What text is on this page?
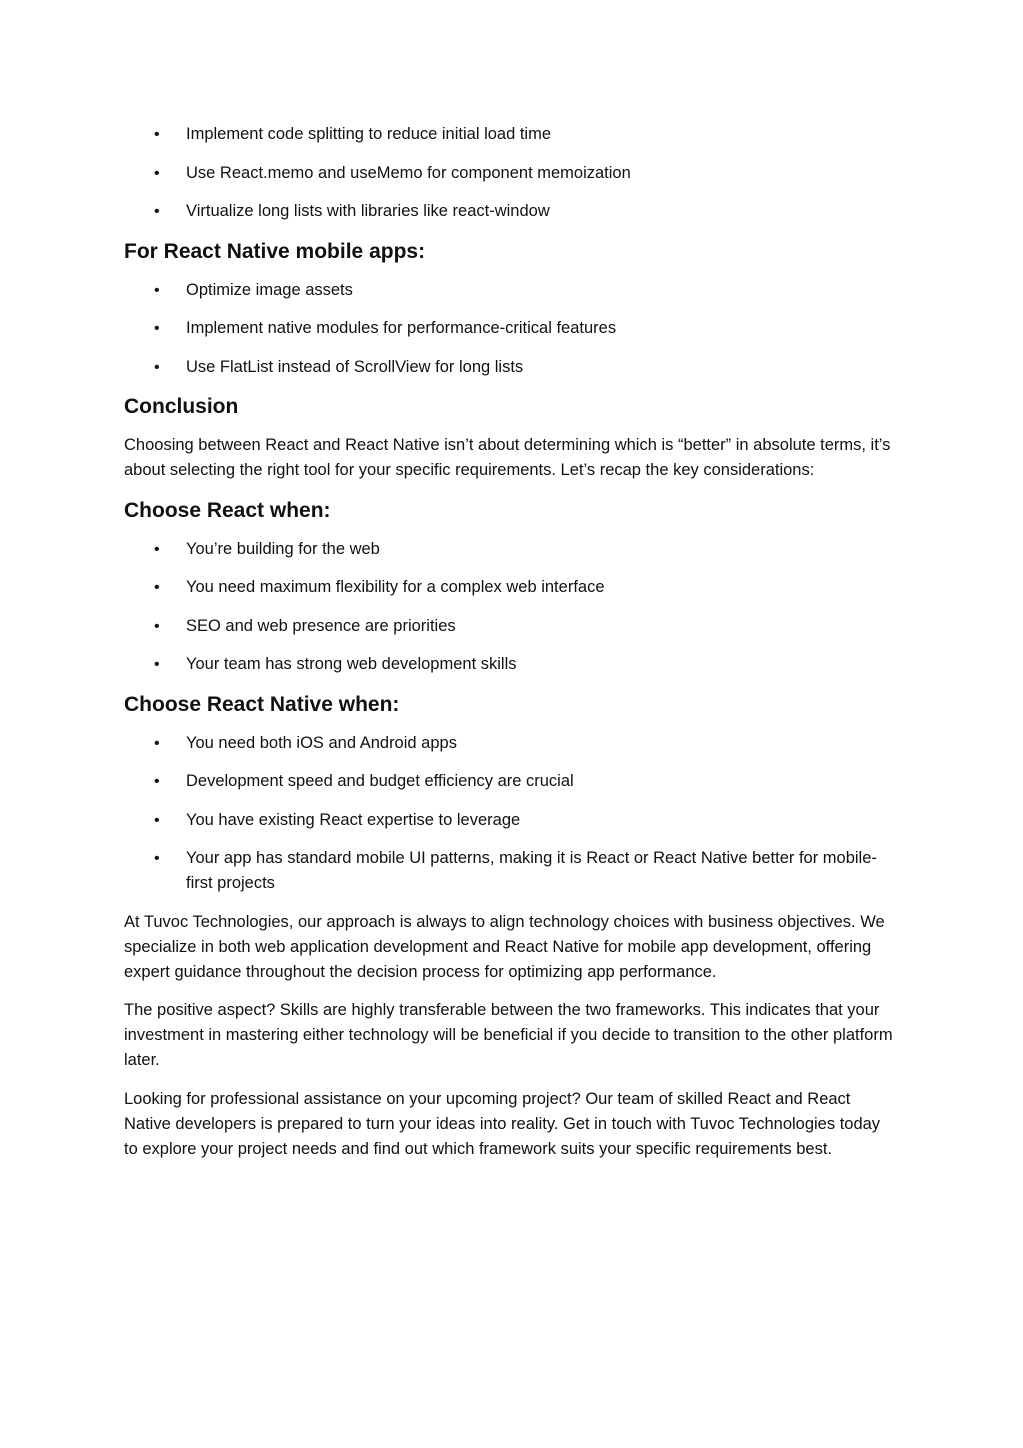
• Implement code splitting to reduce initial load time
• Use React.memo and useMemo for component memoization
• Virtualize long lists with libraries like react-window
For React Native mobile apps:
• Optimize image assets
• Implement native modules for performance-critical features
• Use FlatList instead of ScrollView for long lists
Conclusion

Choosing between React and React Native isn’t about determining which is “better” in absolute terms, it’s about selecting the right tool for your specific requirements. Let’s recap the key considerations:

Choose React when:
• You’re building for the web
• You need maximum flexibility for a complex web interface
• SEO and web presence are priorities
• Your team has strong web development skills
Choose React Native when:
• You need both iOS and Android apps
• Development speed and budget efficiency are crucial
• You have existing React expertise to leverage
• Your app has standard mobile UI patterns, making it is React or React Native better for mobile-first projects

At Tuvoc Technologies, our approach is always to align technology choices with business objectives. We specialize in both web application development and React Native for mobile app development, offering expert guidance throughout the decision process for optimizing app performance.

The positive aspect? Skills are highly transferable between the two frameworks. This indicates that your investment in mastering either technology will be beneficial if you decide to transition to the other platform later.

Looking for professional assistance on your upcoming project? Our team of skilled React and React Native developers is prepared to turn your ideas into reality. Get in touch with Tuvoc Technologies today to explore your project needs and find out which framework suits your specific requirements best.
